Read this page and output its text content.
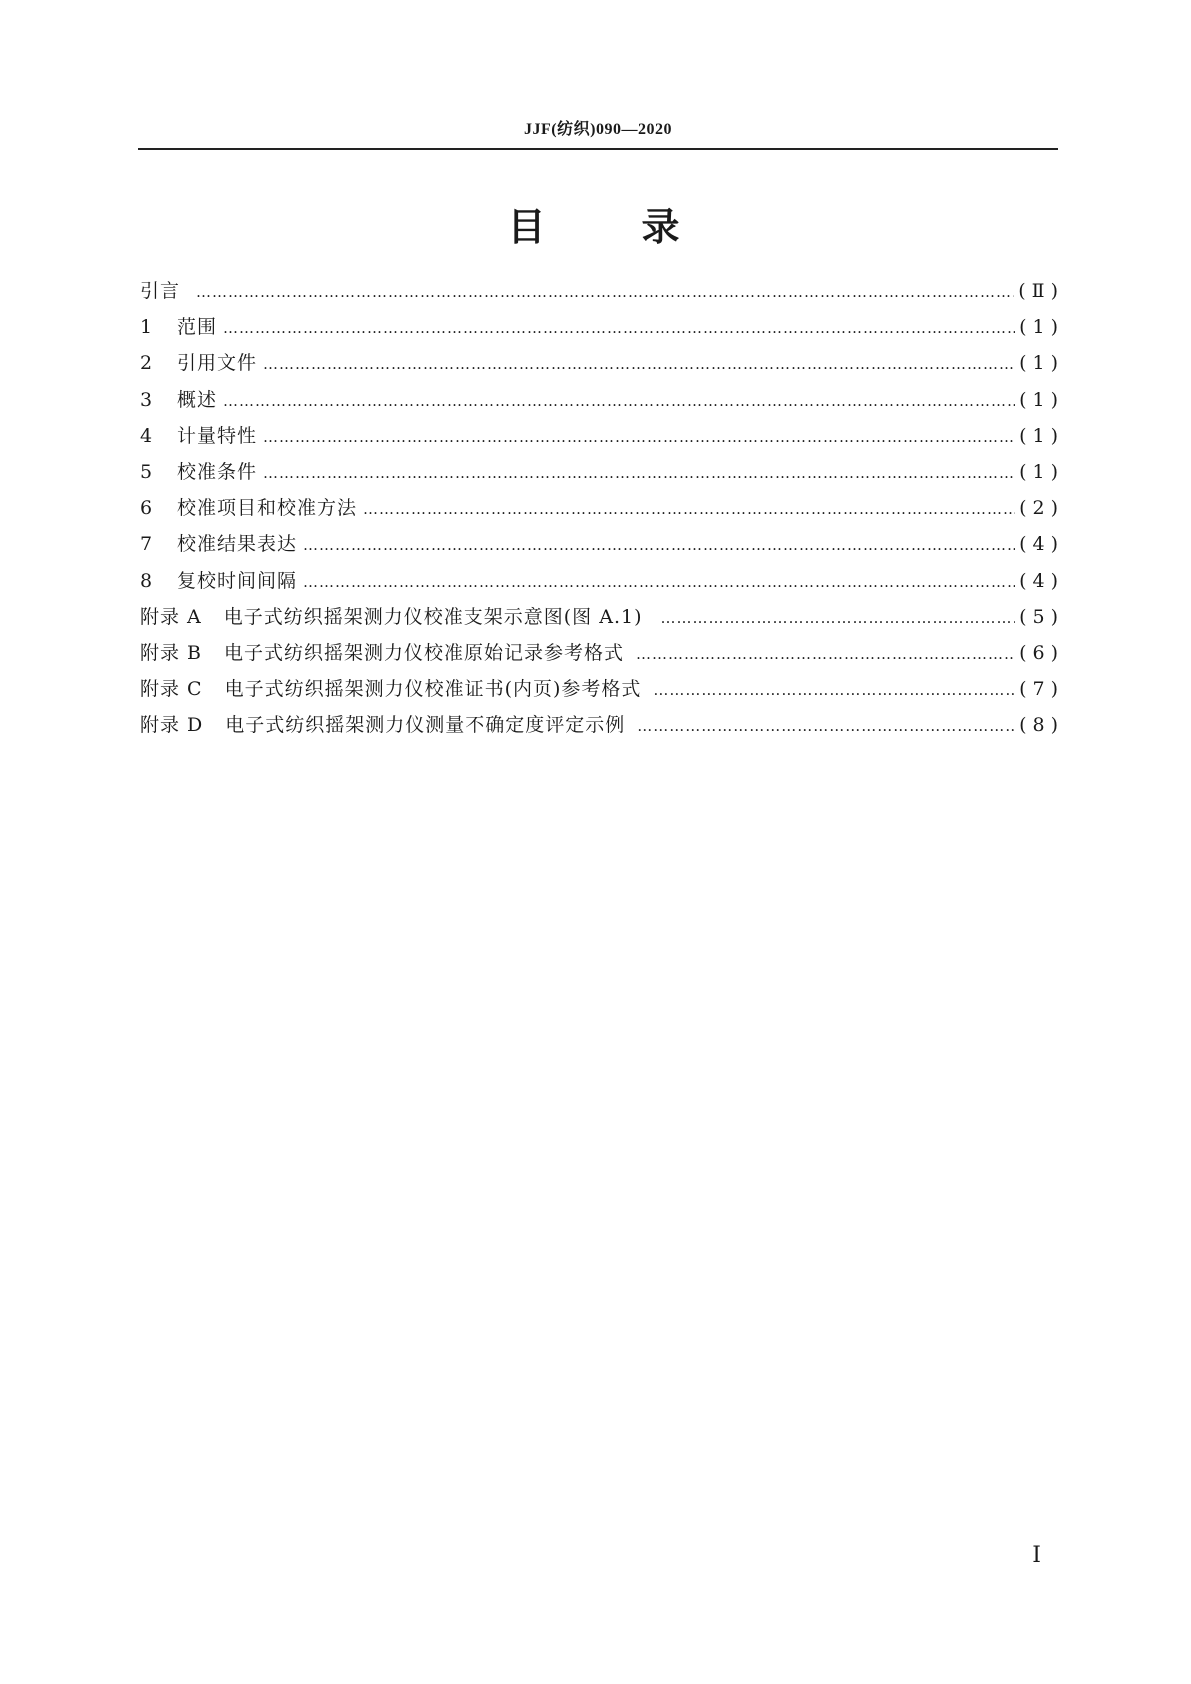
JJF(纺织)090—2020
目 录
引言 ……………………………………………………………………………………………………………………………………………………………………………………	(Ⅱ)
1	范围 ……………………………………………………………………………………………………………………………………………………………………………………	(1)
2	引用文件 ……………………………………………………………………………………………………………………………………………………………………………………	(1)
3	概述 ……………………………………………………………………………………………………………………………………………………………………………………	(1)
4	计量特性 ……………………………………………………………………………………………………………………………………………………………………………………	(1)
5	校准条件 ……………………………………………………………………………………………………………………………………………………………………………………	(1)
6	校准项目和校准方法 ……………………………………………………………………………………………………………………………………………………………………………………	(2)
7	校准结果表达 ……………………………………………………………………………………………………………………………………………………………………………………	(4)
8	复校时间间隔 ……………………………………………………………………………………………………………………………………………………………………………………	(4)
附录 A 电子式纺织摇架测力仪校准支架示意图(图 A.1) ……………………………………………………………………………………………………………………………………………………………………………………	(5)
附录 B 电子式纺织摇架测力仪校准原始记录参考格式 ……………………………………………………………………………………………………………………………………………………………………………………	(6)
附录 C 电子式纺织摇架测力仪校准证书(内页)参考格式 ……………………………………………………………………………………………………………………………………………………………………………………	(7)
附录 D 电子式纺织摇架测力仪测量不确定度评定示例 ……………………………………………………………………………………………………………………………………………………………………………………	(8)
Ⅰ
